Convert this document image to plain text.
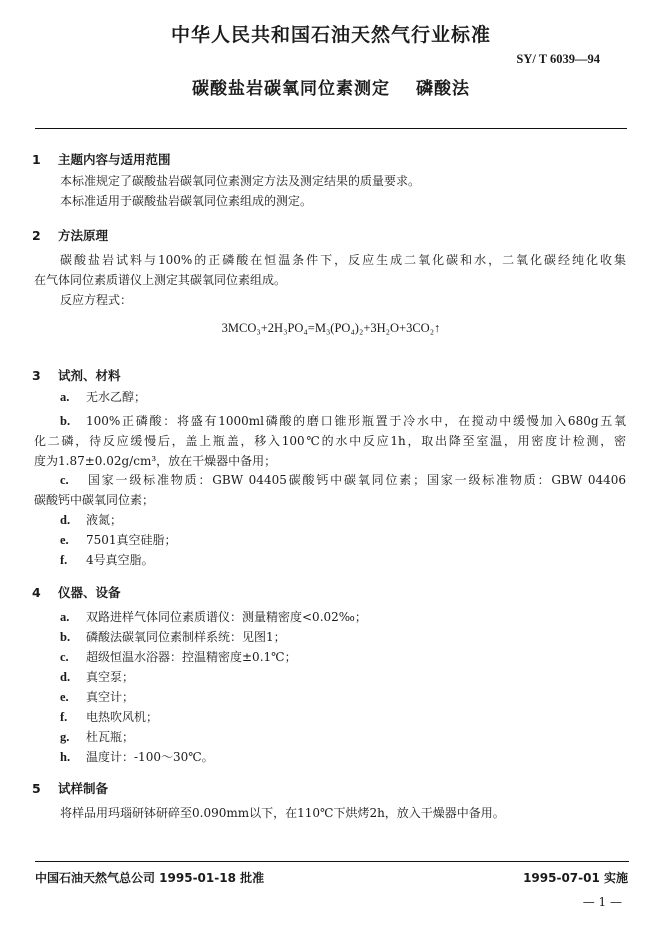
中华人民共和国石油天然气行业标准
SY/ T 6039—94
碳酸盐岩碳氧同位素测定 磷酸法
1 主题内容与适用范围
本标准规定了碳酸盐岩碳氧同位素测定方法及测定结果的质量要求。
本标准适用于碳酸盐岩碳氧同位素组成的测定。
2 方法原理
碳酸盐岩试料与100%的正磷酸在恒温条件下，反应生成二氧化碳和水，二氧化碳经纯化收集
在气体同位素质谱仪上测定其碳氧同位素组成。
反应方程式：
3MCO₃+2H₃PO₄=M₃(PO₄)₂+3H₂O+3CO₂↑
3 试剂、材料
a. 无水乙醇；
b. 100%正磷酸：将盛有1000ml磷酸的磨口锥形瓶置于冷水中，在搅动中缓慢加入680g五氧
化二磷，待反应缓慢后，盖上瓶盖，移入100℃的水中反应1h，取出降至室温，用密度计检测，密
度为1.87±0.02g/cm³，放在干燥器中备用；
c. 国家一级标准物质：GBW 04405碳酸钙中碳氧同位素；国家一级标准物质：GBW 04406
碳酸钙中碳氧同位素；
d. 液氮；
e. 7501真空硅脂；
f. 4号真空脂。
4 仪器、设备
a. 双路进样气体同位素质谱仪：测量精密度<0.02‰；
b. 磷酸法碳氧同位素制样系统：见图1；
c. 超级恒温水浴器：控温精密度±0.1℃；
d. 真空泵；
e. 真空计；
f. 电热吹风机；
g. 杜瓦瓶；
h. 温度计：-100～30℃。
5 试样制备
将样品用玛瑙研钵研碎至0.090mm以下，在110℃下烘烤2h，放入干燥器中备用。
中国石油天然气总公司 1995-01-18 批准	1995-07-01 实施
— 1 —
